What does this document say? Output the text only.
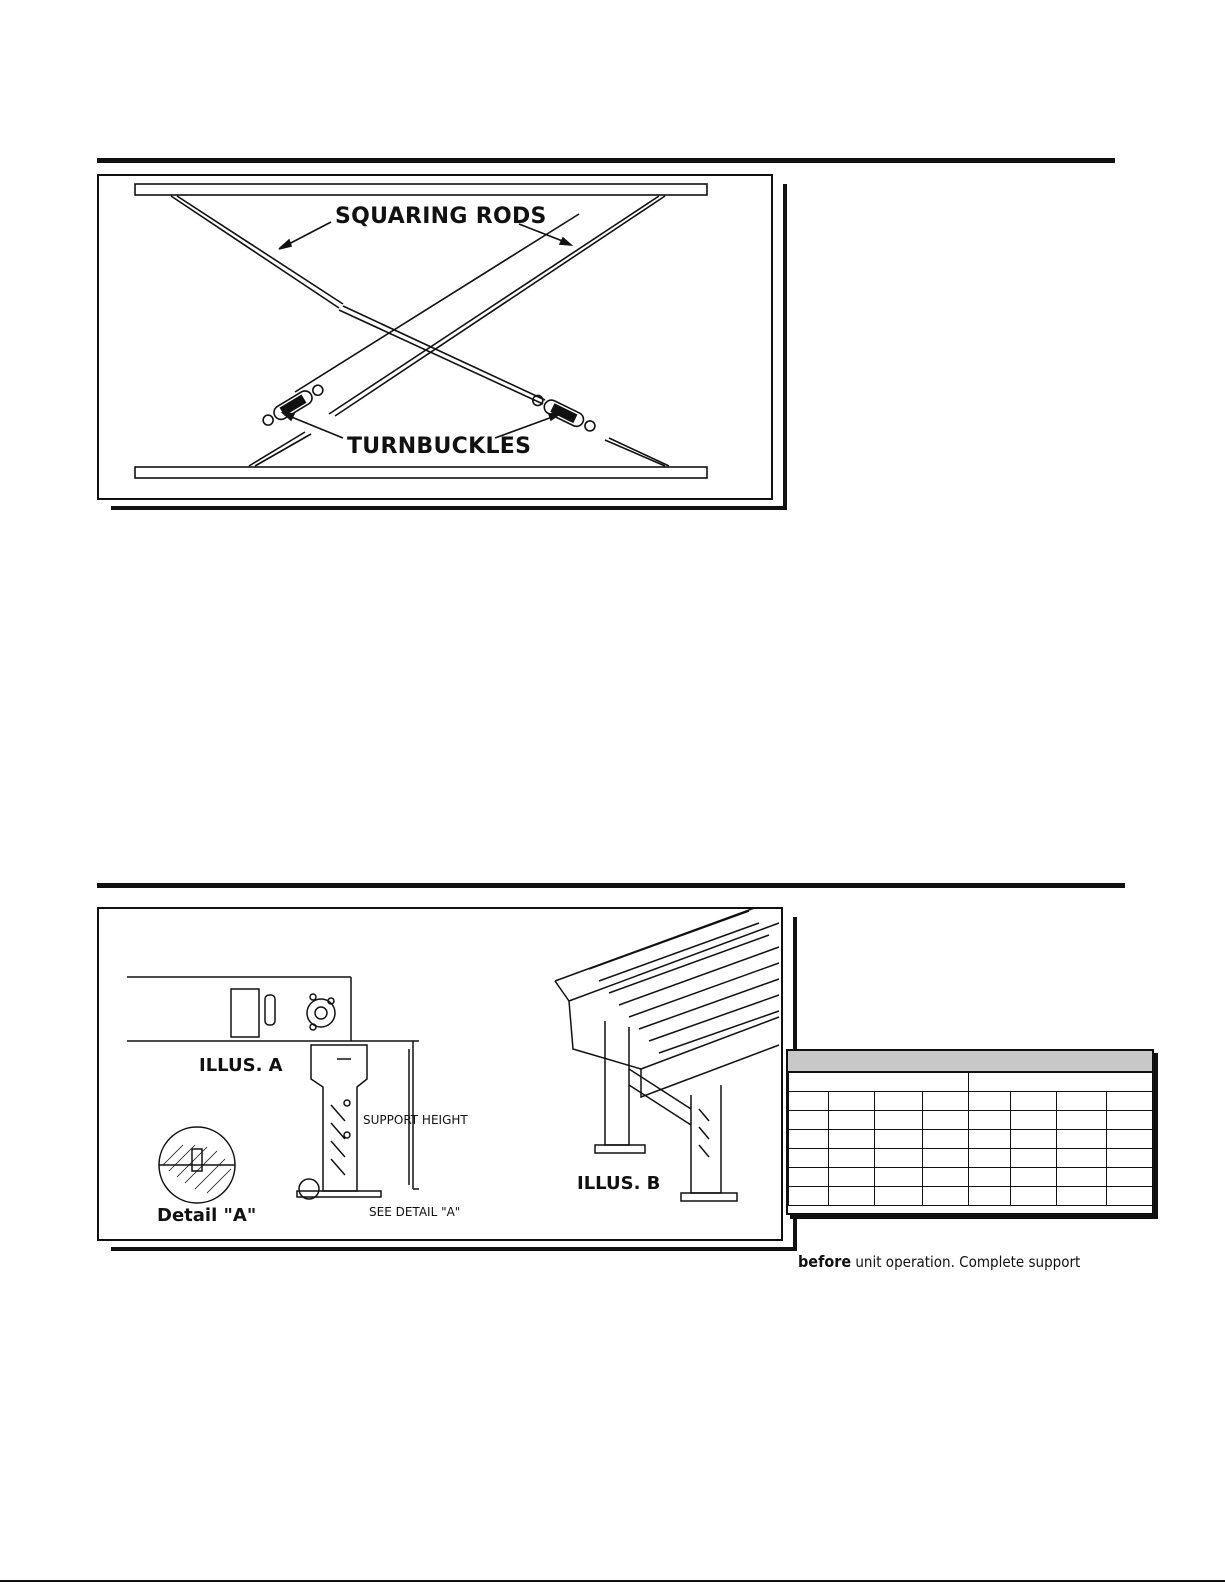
SQUARING RODS
TURNBUCKLES
ILLUS. A
ILLUS. B
SUPPORT HEIGHT
SEE DETAIL "A"
Detail "A"

before unit operation. Complete support
